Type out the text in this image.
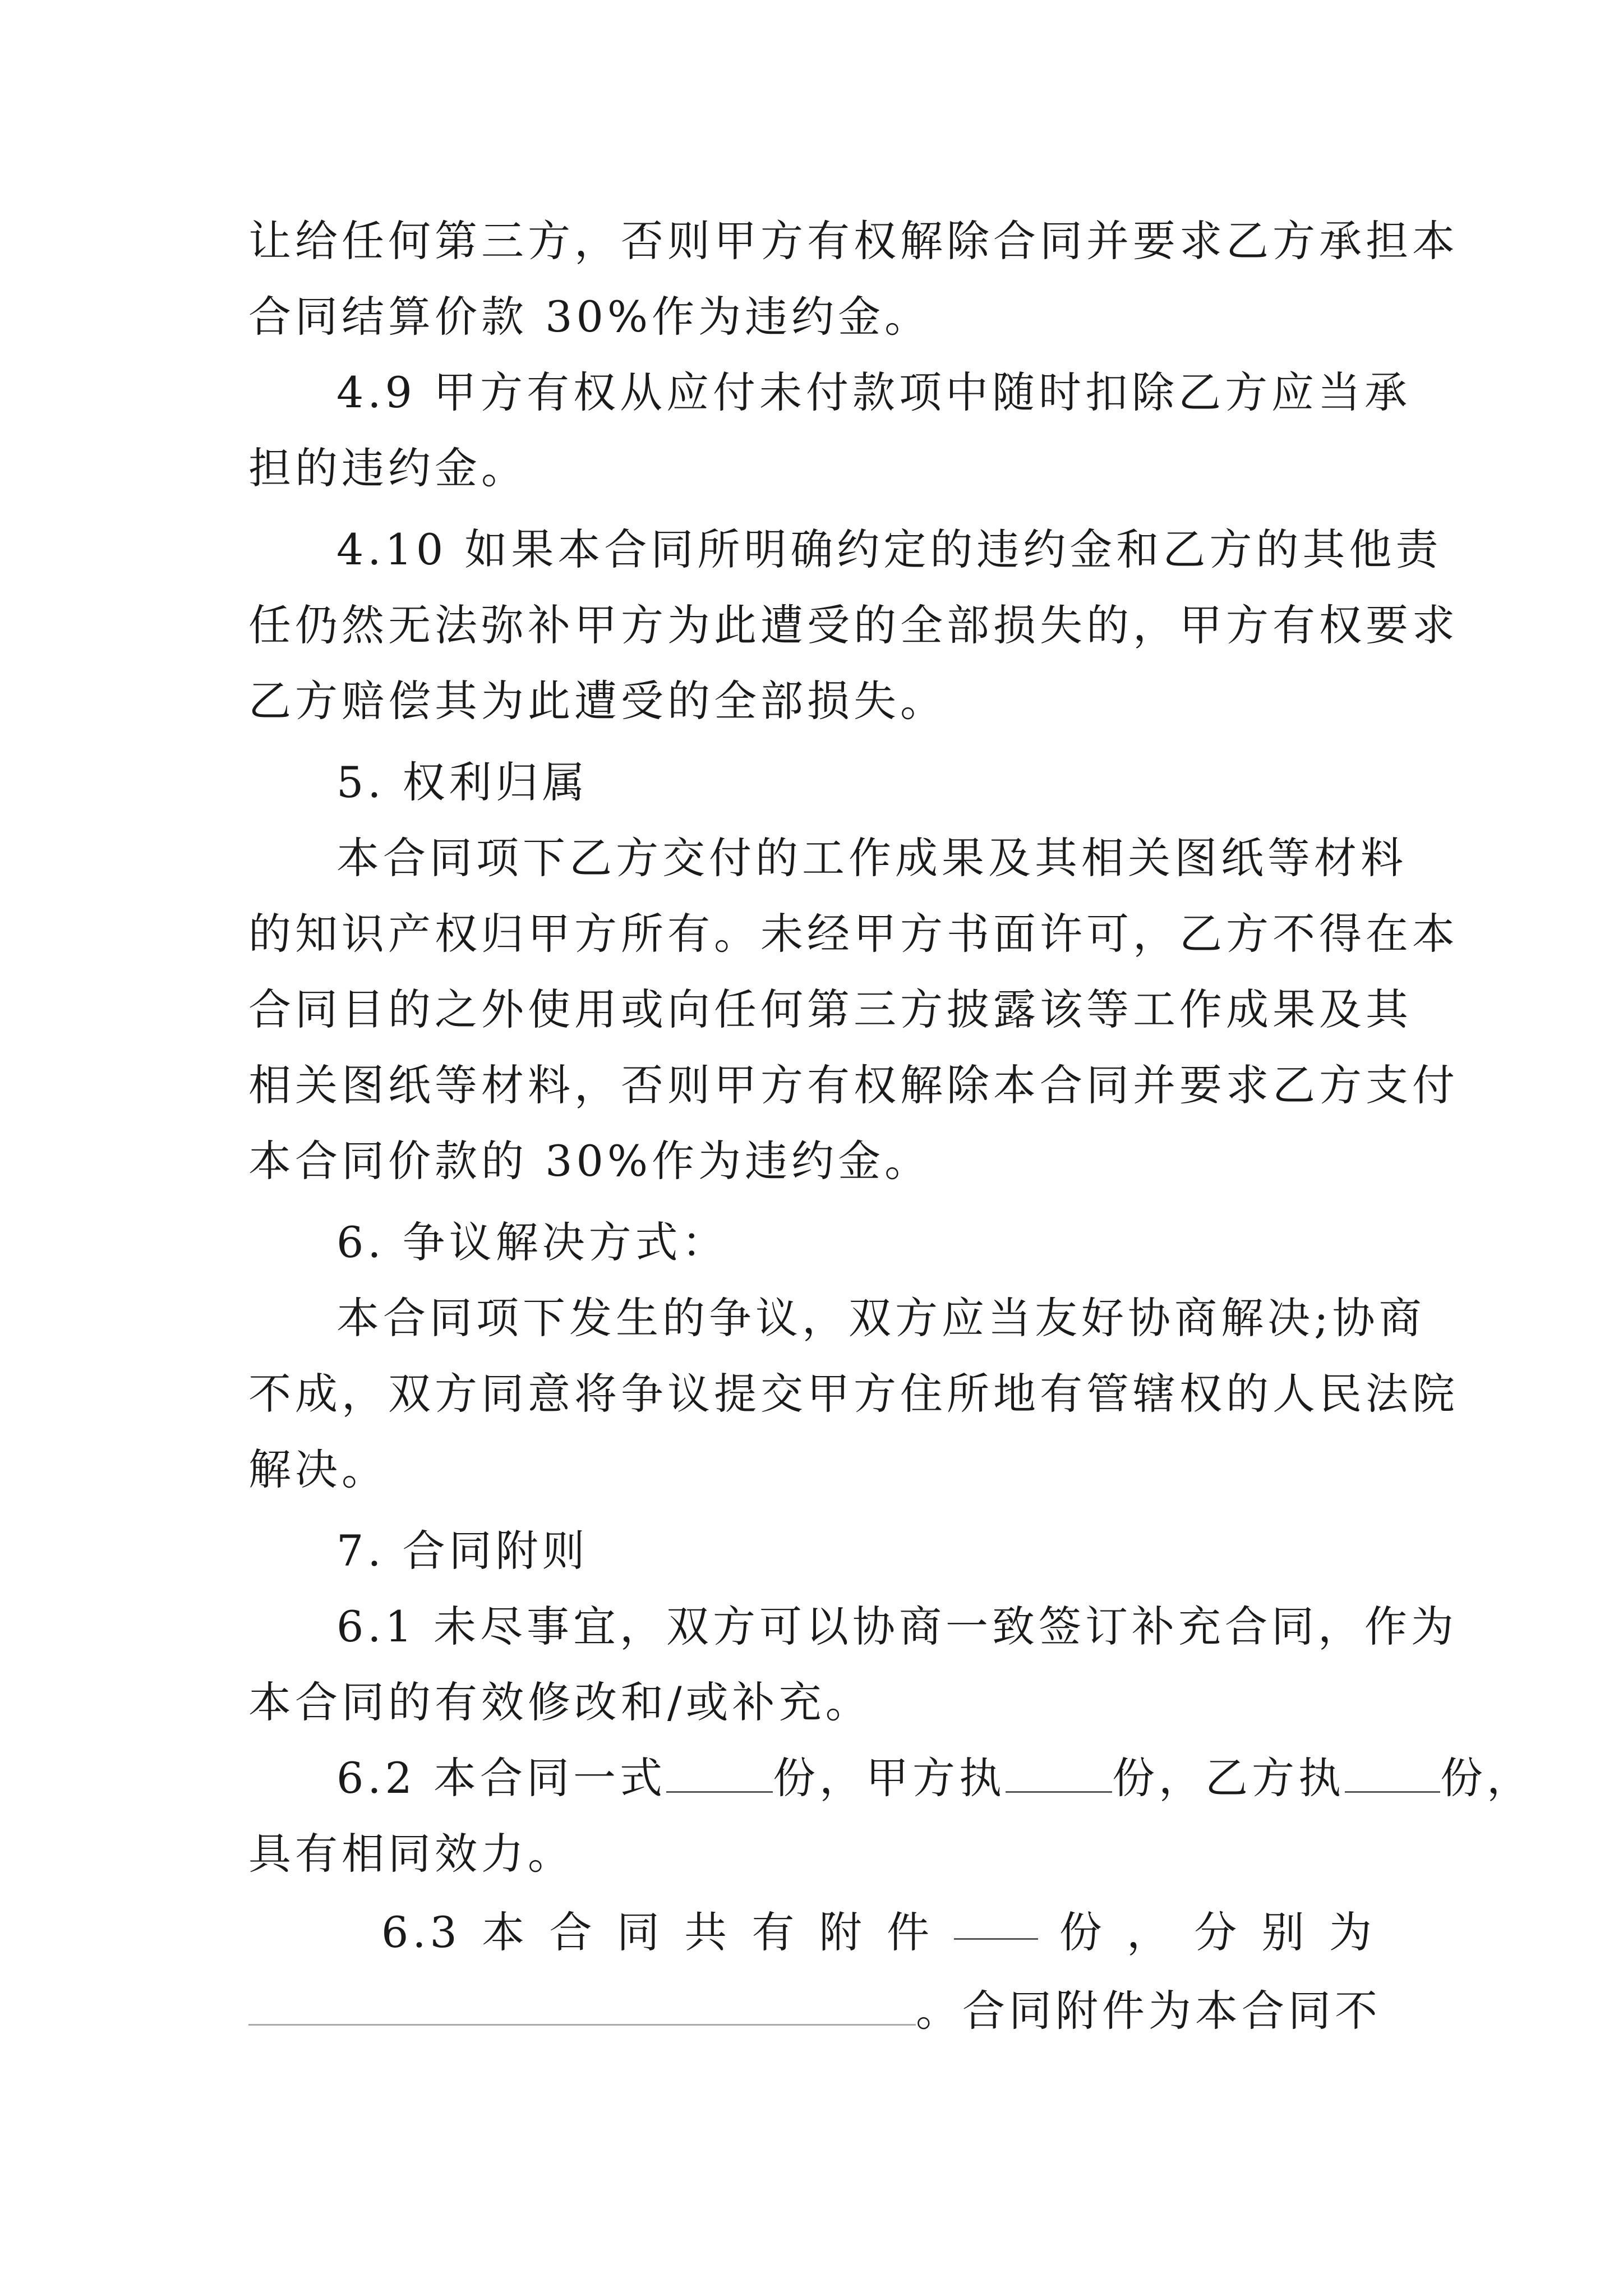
让给任何第三方，否则甲方有权解除合同并要求乙方承担本
合同结算价款 30%作为违约金。
4.9 甲方有权从应付未付款项中随时扣除乙方应当承
担的违约金。
4.10 如果本合同所明确约定的违约金和乙方的其他责
任仍然无法弥补甲方为此遭受的全部损失的，甲方有权要求
乙方赔偿其为此遭受的全部损失。
5. 权利归属
本合同项下乙方交付的工作成果及其相关图纸等材料
的知识产权归甲方所有。未经甲方书面许可，乙方不得在本
合同目的之外使用或向任何第三方披露该等工作成果及其
相关图纸等材料，否则甲方有权解除本合同并要求乙方支付
本合同价款的 30%作为违约金。
6. 争议解决方式：
本合同项下发生的争议，双方应当友好协商解决;协商
不成，双方同意将争议提交甲方住所地有管辖权的人民法院
解决。
7. 合同附则
6.1 未尽事宜，双方可以协商一致签订补充合同，作为
本合同的有效修改和/或补充。
6.2 本合同一式	份，甲方执	份，乙方执 份，
具有相同效力。
6.3 本 合 同 共 有 附 件	份 ， 分 别 为
。合同附件为本合同不
